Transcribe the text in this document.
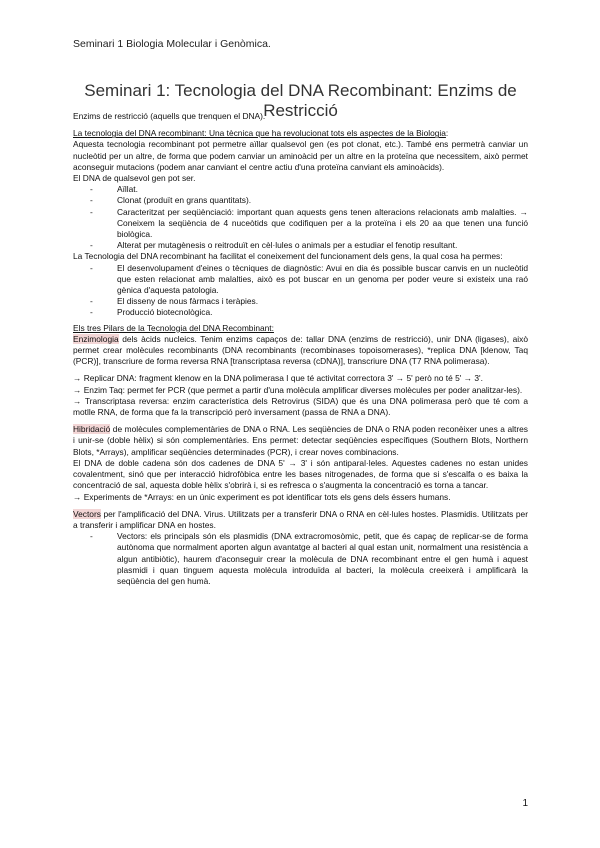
Seminari 1 Biologia Molecular i Genòmica.
Seminari 1: Tecnologia del DNA Recombinant: Enzims de Restricció

Enzims de restricció (aquells que trenquen el DNA).

La tecnologia del DNA recombinant: Una tècnica que ha revolucionat tots els aspectes de la Biologia:

Aquesta tecnologia recombinant pot permetre aïllar qualsevol gen (es pot clonat, etc.). També ens permetrà canviar un nucleòtid per un altre, de forma que podem canviar un aminoàcid per un altre en la proteïna que necessitem, això permet aconseguir mutacions (podem anar canviant el centre actiu d'una proteïna canviant els aminoàcids).

El DNA de qualsevol gen pot ser.

- Aïllat.
- Clonat (produït en grans quantitats).
- Caracteritzat per seqüènciació: important quan aquests gens tenen alteracions relacionats amb malalties. → Coneixem la seqüència de 4 nuceòtids que codifiquen per a la proteïna i els 20 aa que tenen una funció biològica.
- Alterat per mutagènesis o reitroduït en cèl·lules o animals per a estudiar el fenotip resultant.

La Tecnologia del DNA recombinant ha facilitat el coneixement del funcionament dels gens, la qual cosa ha permes:

- El desenvolupament d'eines o tècniques de diagnòstic: Avui en dia és possible buscar canvis en un nucleòtid que esten relacionat amb malalties, això es pot buscar en un genoma per poder veure si existeix una raó gènica d'aquesta patologia.
- El disseny de nous fàrmacs i teràpies.
- Producció biotecnològica.

Els tres Pilars de la Tecnologia del DNA Recombinant:

Enzimologia dels àcids nucleics. Tenim enzims capaços de: tallar DNA (enzims de restricció), unir DNA (ligases), això permet crear molècules recombinants (DNA recombinants (recombinases topoisomerases), *replica DNA [klenow, Taq (PCR)], transcriure de forma reversa RNA [transcriptasa reversa (cDNA)], transcriure DNA (T7 RNA polimerasa).

→ Replicar DNA: fragment klenow en la DNA polimerasa I que té activitat correctora 3' → 5' però no té 5' → 3'.

→ Enzim Taq: permet fer PCR (que permet a partir d'una molècula amplificar diverses molècules per poder analitzar-les).

→ Transcriptasa reversa: enzim característica dels Retrovirus (SIDA) que és una DNA polimerasa però que té com a motlle RNA, de forma que fa la transcripció però inversament (passa de RNA a DNA).

Hibridació de molècules complementàries de DNA o RNA. Les seqüències de DNA o RNA poden reconèixer unes a altres i unir-se (doble hèlix) si són complementàries. Ens permet: detectar seqüències específiques (Southern Blots, Northern Blots, *Arrays), amplificar seqüències determinades (PCR), i crear noves combinacions.

El DNA de doble cadena són dos cadenes de DNA 5' → 3' i són antiparal·leles. Aquestes cadenes no estan unides covalentment, sinó que per interacció hidrofòbica entre les bases nitrogenades, de forma que si s'escalfa o es baixa la concentració de sal, aquesta doble hèlix s'obrirà i, si es refresca o s'augmenta la concentració es torna a tancar.

→ Experiments de *Arrays: en un únic experiment es pot identificar tots els gens dels éssers humans.

Vectors per l'amplificació del DNA. Virus. Utilitzats per a transferir DNA o RNA en cèl·lules hostes. Plasmidis. Utilitzats per a transferir i amplificar DNA en hostes.

- Vectors: els principals són els plasmidis (DNA extracromosòmic, petit, que és capaç de replicar-se de forma autònoma que normalment aporten algun avantatge al bacteri al qual estan unit, normalment una resistència a algun antibiòtic), haurem d'aconseguir crear la molècula de DNA recombinant entre el gen humà i aquest plasmidi i quan tinguem aquesta molècula introduïda al bacteri, la molècula creeixerà i amplificarà la seqüència del gen humà.
1
